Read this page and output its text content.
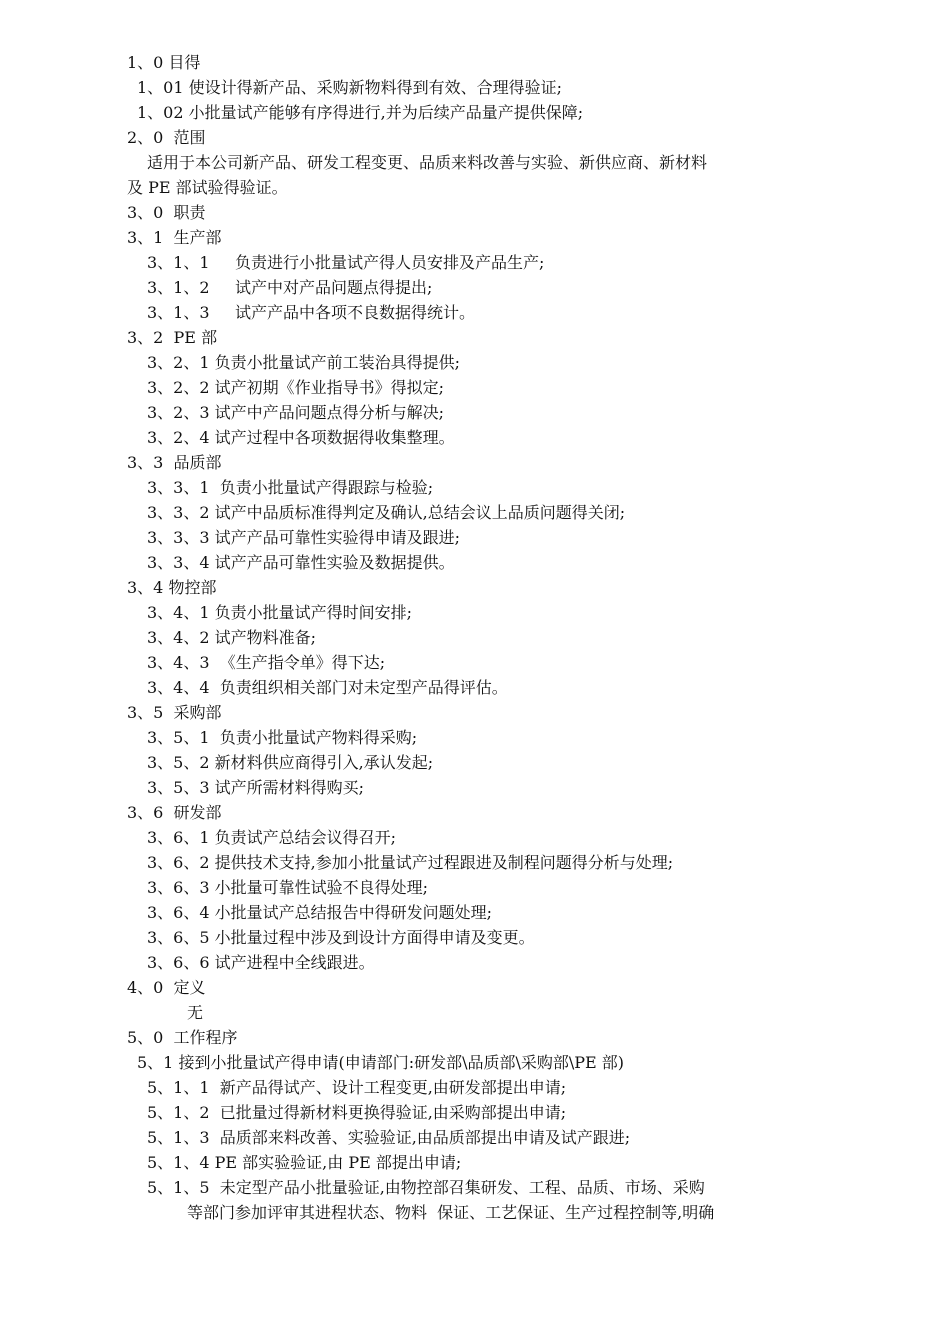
1、0 目得
1、01 使设计得新产品、采购新物料得到有效、合理得验证;
1、02 小批量试产能够有序得进行,并为后续产品量产提供保障;
2、0  范围
适用于本公司新产品、研发工程变更、品质来料改善与实验、新供应商、新材料
及 PE 部试验得验证。
3、0  职责
3、1  生产部
3、1、1     负责进行小批量试产得人员安排及产品生产;
3、1、2     试产中对产品问题点得提出;
3、1、3     试产产品中各项不良数据得统计。
3、2  PE 部
3、2、1 负责小批量试产前工装治具得提供;
3、2、2 试产初期《作业指导书》得拟定;
3、2、3 试产中产品问题点得分析与解决;
3、2、4 试产过程中各项数据得收集整理。
3、3  品质部
3、3、1  负责小批量试产得跟踪与检验;
3、3、2 试产中品质标准得判定及确认,总结会议上品质问题得关闭;
3、3、3 试产产品可靠性实验得申请及跟进;
3、3、4 试产产品可靠性实验及数据提供。
3、4 物控部
3、4、1 负责小批量试产得时间安排;
3、4、2 试产物料准备;
3、4、3  《生产指令单》得下达;
3、4、4  负责组织相关部门对未定型产品得评估。
3、5  采购部
3、5、1  负责小批量试产物料得采购;
3、5、2 新材料供应商得引入,承认发起;
3、5、3 试产所需材料得购买;
3、6  研发部
3、6、1 负责试产总结会议得召开;
3、6、2 提供技术支持,参加小批量试产过程跟进及制程问题得分析与处理;
3、6、3 小批量可靠性试验不良得处理;
3、6、4 小批量试产总结报告中得研发问题处理;
3、6、5 小批量过程中涉及到设计方面得申请及变更。
3、6、6 试产进程中全线跟进。
4、0  定义
无
5、0  工作程序
5、1 接到小批量试产得申请(申请部门:研发部\品质部\采购部\PE 部)
5、1、1  新产品得试产、设计工程变更,由研发部提出申请;
5、1、2  已批量过得新材料更换得验证,由采购部提出申请;
5、1、3  品质部来料改善、实验验证,由品质部提出申请及试产跟进;
5、1、4 PE 部实验验证,由 PE 部提出申请;
5、1、5  未定型产品小批量验证,由物控部召集研发、工程、品质、市场、采购
等部门参加评审其进程状态、物料  保证、工艺保证、生产过程控制等,明确
